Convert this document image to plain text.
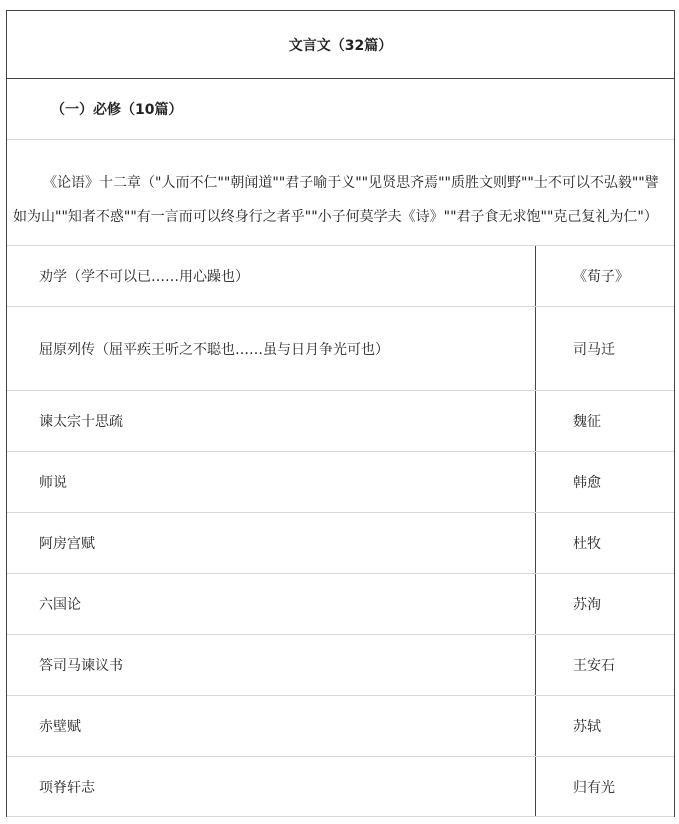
文言文（32篇）
（一）必修（10篇）
《论语》十二章（"人而不仁""朝闻道""君子喻于义""见贤思齐焉""质胜文则野""士不可以不弘毅""譬如为山""知者不惑""有一言而可以终身行之者乎""小子何莫学夫《诗》""君子食无求饱""克己复礼为仁"）
劝学（学不可以已……用心躁也）	《荀子》
屈原列传（屈平疾王听之不聪也……虽与日月争光可也）	司马迁
谏太宗十思疏	魏征
师说	韩愈
阿房宫赋	杜牧
六国论	苏洵
答司马谏议书	王安石
赤壁赋	苏轼
项脊轩志	归有光
